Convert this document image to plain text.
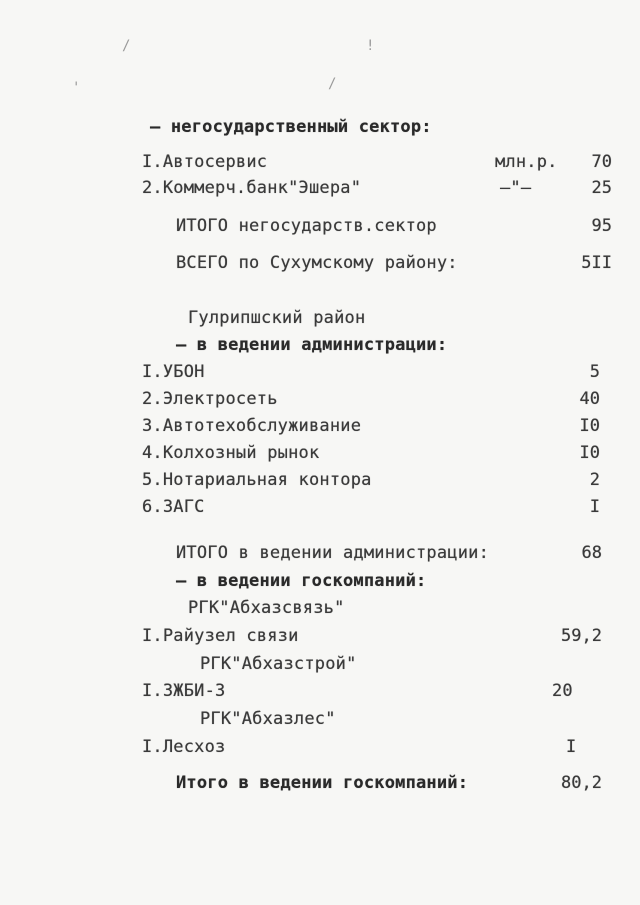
/	!
'	/
– негосударственный сектор:
I.Автосервис	млн.р.	70
2.Коммерч.банк"Эшера"	–"–	25
ИТОГО негосударств.сектор	95
ВСЕГО по Сухумскому району:	5II
Гулрипшский район
– в ведении администрации:
I.УБОН	5
2.Электросеть	40
3.Автотехобслуживание	I0
4.Колхозный рынок	I0
5.Нотариальная контора	2
6.ЗАГС	I
ИТОГО в ведении администрации:	68
– в ведении госкомпаний:
РГК"Абхазсвязь"
I.Райузел связи	59,2
РГК"Абхазстрой"
I.ЗЖБИ-3	20
РГК"Абхазлес"
I.Лесхоз	I
Итого в ведении госкомпаний:	80,2
